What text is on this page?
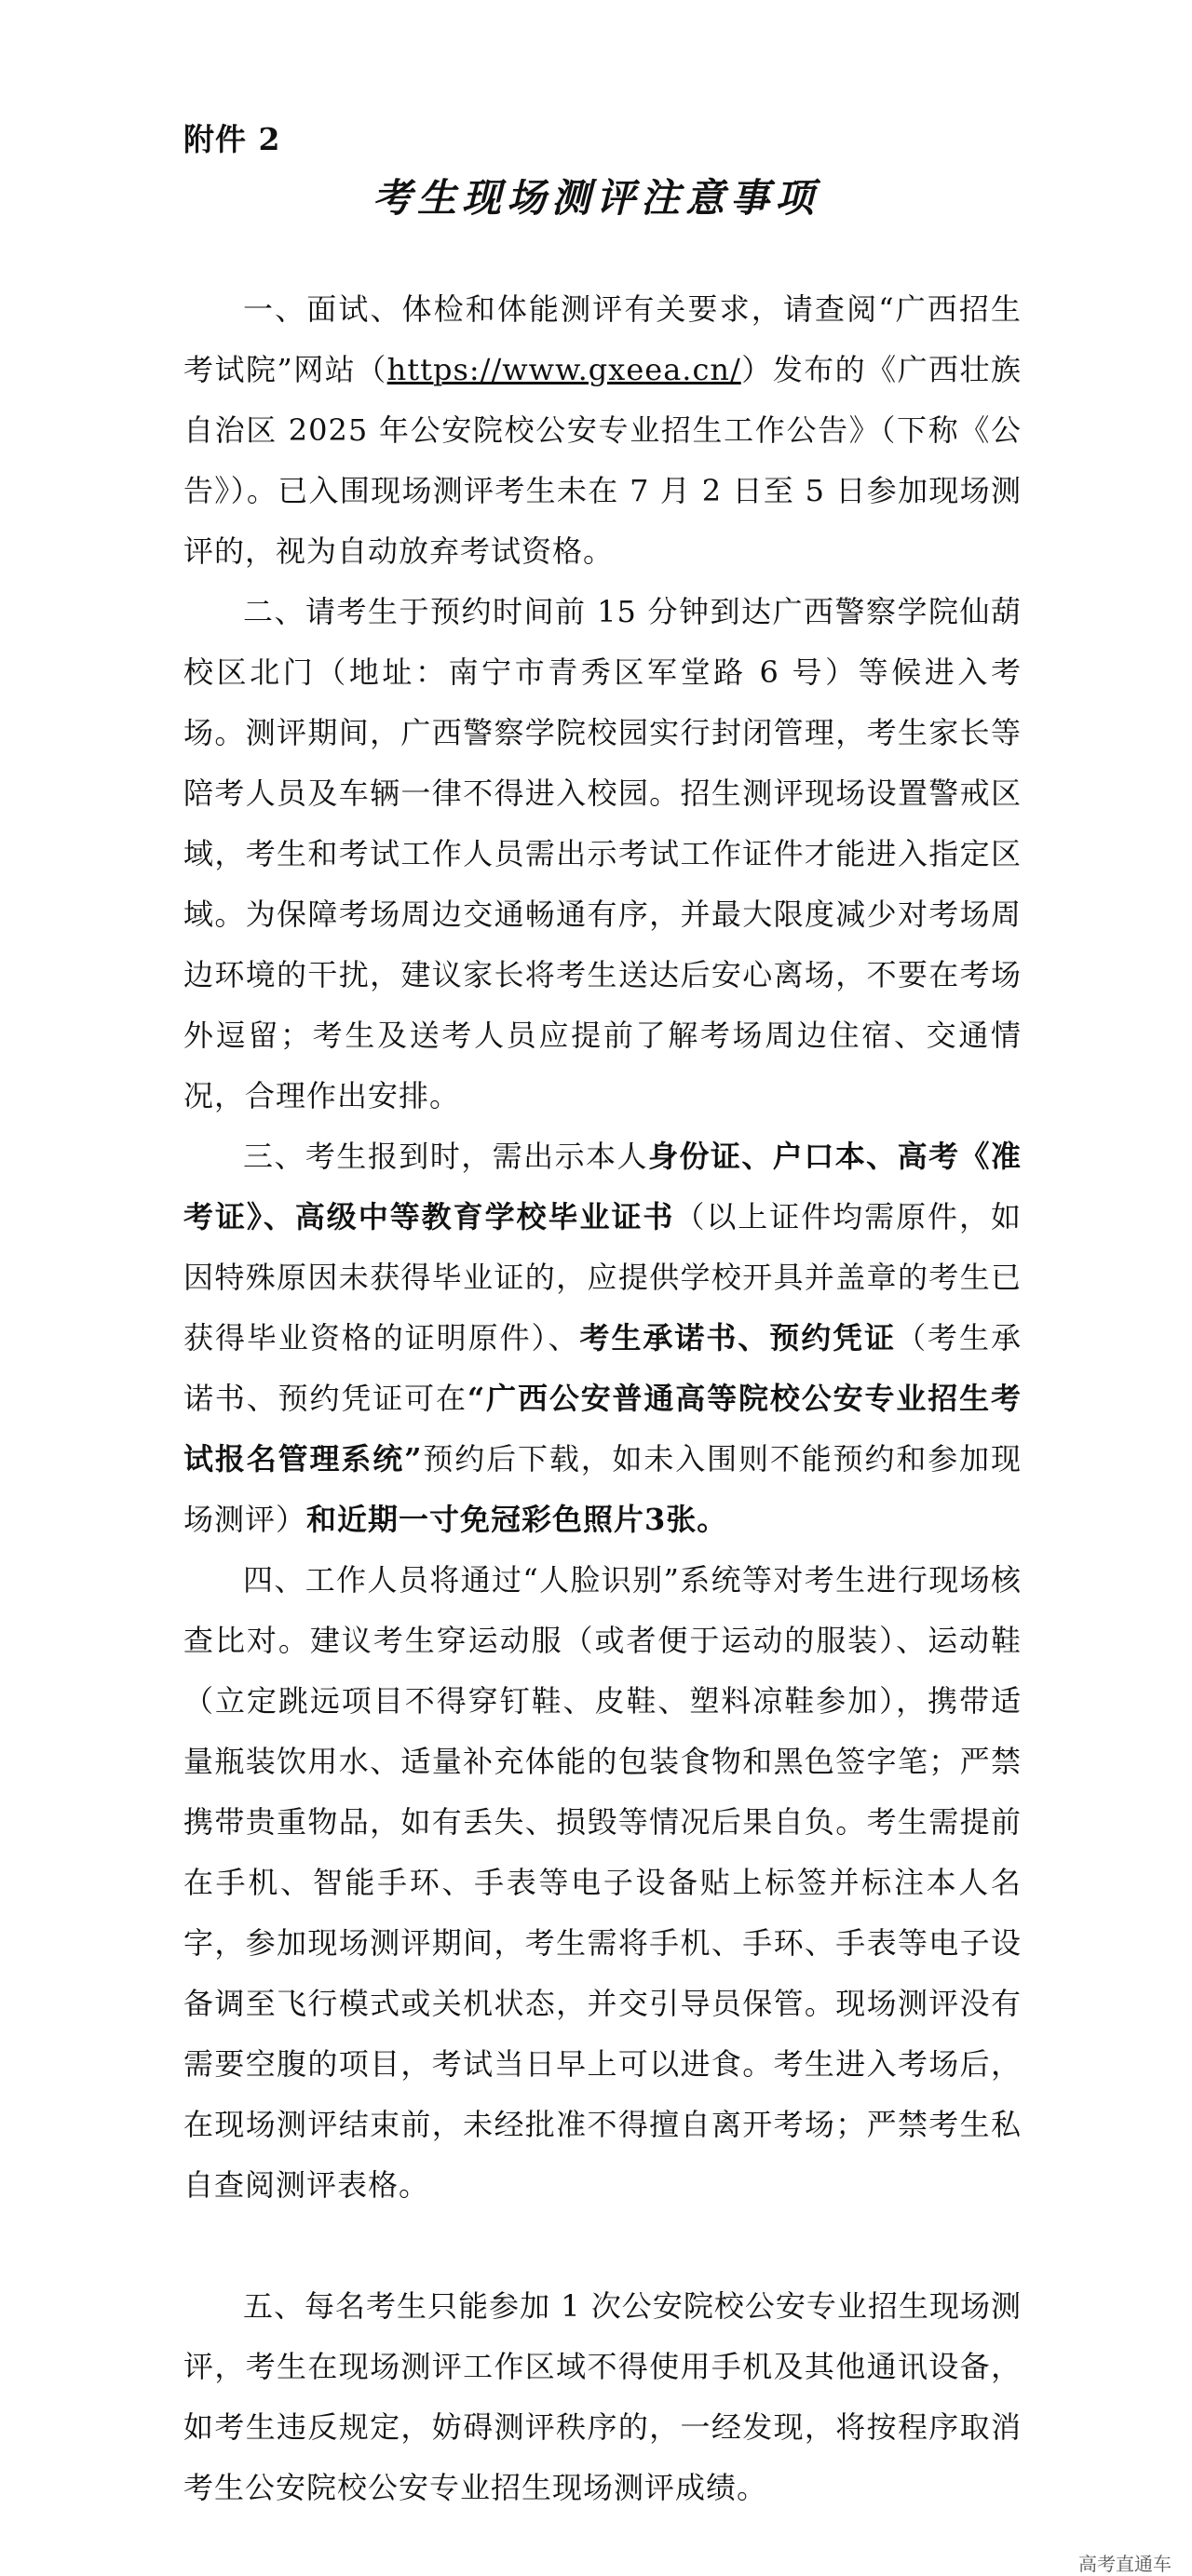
附件 2
考生现场测评注意事项

一、面试、体检和体能测评有关要求，请查阅“广西招生考试院”网站（https://www.gxeea.cn/）发布的《广西壮族自治区 2025 年公安院校公安专业招生工作公告》（下称《公告》）。已入围现场测评考生未在 7 月 2 日至 5 日参加现场测评的，视为自动放弃考试资格。

二、请考生于预约时间前 15 分钟到达广西警察学院仙葫校区北门（地址：南宁市青秀区军堂路 6 号）等候进入考场。测评期间，广西警察学院校园实行封闭管理，考生家长等陪考人员及车辆一律不得进入校园。招生测评现场设置警戒区域，考生和考试工作人员需出示考试工作证件才能进入指定区域。为保障考场周边交通畅通有序，并最大限度减少对考场周边环境的干扰，建议家长将考生送达后安心离场，不要在考场外逗留；考生及送考人员应提前了解考场周边住宿、交通情况，合理作出安排。

三、考生报到时，需出示本人身份证、户口本、高考《准考证》、高级中等教育学校毕业证书（以上证件均需原件，如因特殊原因未获得毕业证的，应提供学校开具并盖章的考生已获得毕业资格的证明原件）、考生承诺书、预约凭证（考生承诺书、预约凭证可在“广西公安普通高等院校公安专业招生考试报名管理系统”预约后下载，如未入围则不能预约和参加现场测评）和近期一寸免冠彩色照片3张。

四、工作人员将通过“人脸识别”系统等对考生进行现场核查比对。建议考生穿运动服（或者便于运动的服装）、运动鞋（立定跳远项目不得穿钉鞋、皮鞋、塑料凉鞋参加），携带适量瓶装饮用水、适量补充体能的包装食物和黑色签字笔；严禁携带贵重物品，如有丢失、损毁等情况后果自负。考生需提前在手机、智能手环、手表等电子设备贴上标签并标注本人名字，参加现场测评期间，考生需将手机、手环、手表等电子设备调至飞行模式或关机状态，并交引导员保管。现场测评没有需要空腹的项目，考试当日早上可以进食。考生进入考场后，在现场测评结束前，未经批准不得擅自离开考场；严禁考生私自查阅测评表格。

五、每名考生只能参加 1 次公安院校公安专业招生现场测评，考生在现场测评工作区域不得使用手机及其他通讯设备，如考生违反规定，妨碍测评秩序的，一经发现，将按程序取消考生公安院校公安专业招生现场测评成绩。

高考直通车
